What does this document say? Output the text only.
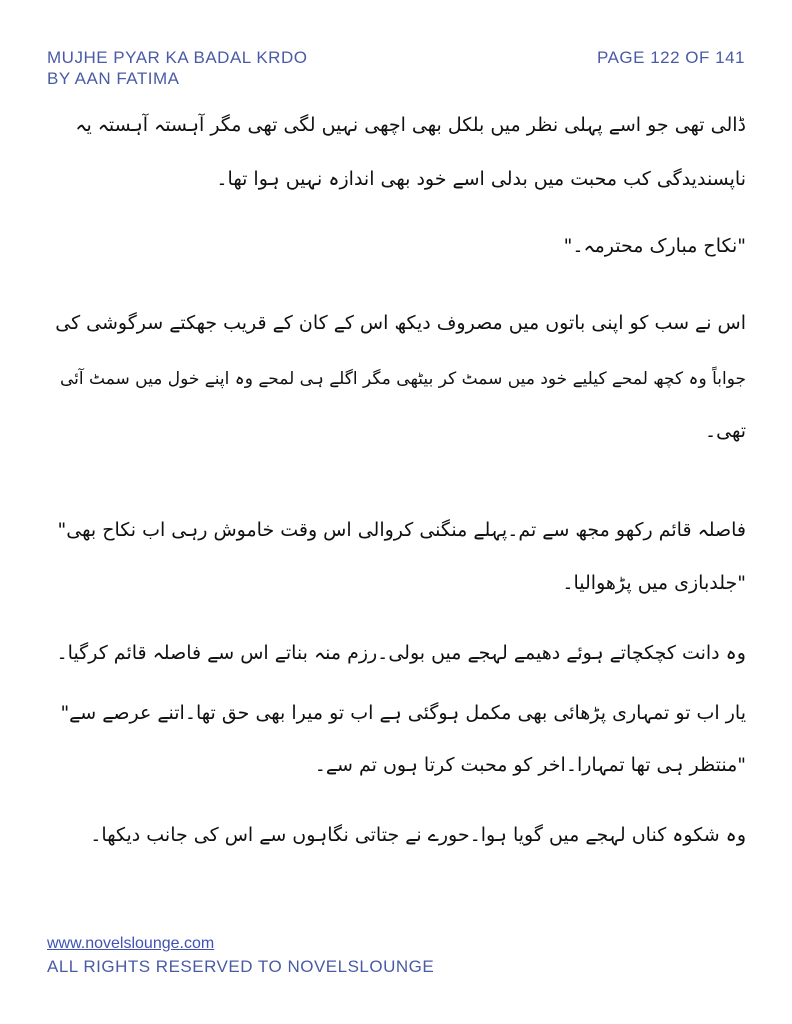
MUJHE PYAR KA BADAL KRDO
BY AAN FATIMA
PAGE 122 OF 141
ڈالی تھی جو اسے پہلی نظر میں بلکل بھی اچھی نہیں لگی تھی مگر آہستہ آہستہ یہ
ناپسندیدگی کب محبت میں بدلی اسے خود بھی اندازہ نہیں ہوا تھا۔
"نکاح مبارک محترمہ۔"
اس نے سب کو اپنی باتوں میں مصروف دیکھ اس کے کان کے قریب جھکتے سرگوشی کی
جواباً وہ کچھ لمحے کیلیے خود میں سمٹ کر بیٹھی مگر اگلے ہی لمحے وہ اپنے خول میں سمٹ آئی
تھی۔
فاصلہ قائم رکھو مجھ سے تم۔پہلے منگنی کروالی اس وقت خاموش رہی اب نکاح بھی"
"جلدبازی میں پڑھوالیا۔
وہ دانت کچکچاتے ہوئے دھیمے لہجے میں بولی۔رزم منہ بناتے اس سے فاصلہ قائم کرگیا۔
یار اب تو تمہاری پڑھائی بھی مکمل ہوگئی ہے اب تو میرا بھی حق تھا۔اتنے عرصے سے"
"منتظر ہی تھا تمہارا۔اخر کو محبت کرتا ہوں تم سے۔
وہ شکوہ کناں لہجے میں گویا ہوا۔حورے نے جتاتی نگاہوں سے اس کی جانب دیکھا۔
www.novelslounge.com
ALL RIGHTS RESERVED TO NOVELSLOUNGE
